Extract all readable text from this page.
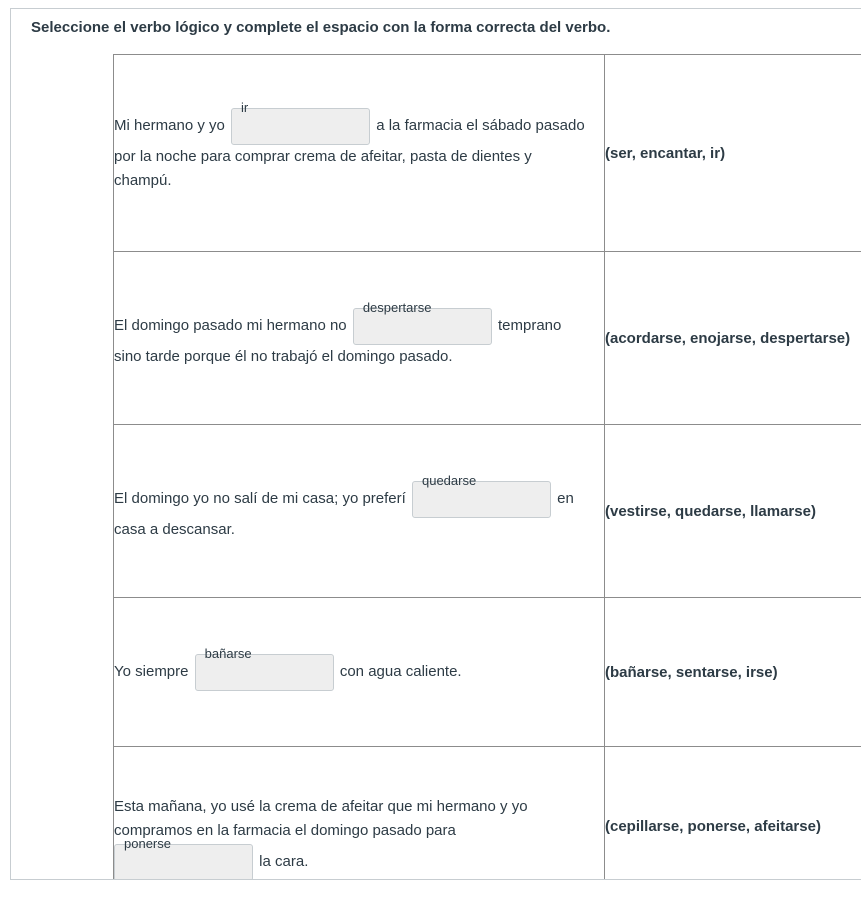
Seleccione el verbo lógico y complete el espacio con la forma correcta del verbo.
Mi hermano y yo ir a la farmacia el sábado pasado
por la noche para comprar crema de afeitar, pasta de dientes y champú.	(ser, encantar, ir)

El domingo pasado mi hermano no despertarse temprano
sino tarde porque él no trabajó el domingo pasado.	(acordarse, enojarse, despertarse)

El domingo yo no salí de mi casa; yo preferí quedarse en
casa a descansar.	(vestirse, quedarse, llamarse)

Yo siempre bañarse con agua caliente.	(bañarse, sentarse, irse)

Esta mañana, yo usé la crema de afeitar que mi hermano y yo
compramos en la farmacia el domingo pasado para
ponerse la cara.	(cepillarse, ponerse, afeitarse)
